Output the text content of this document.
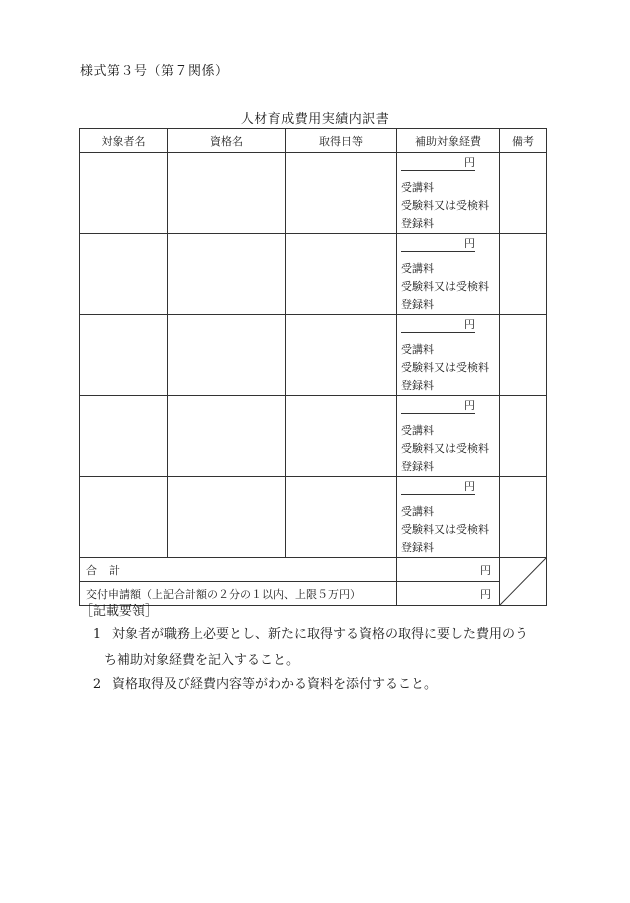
様式第３号（第７関係）
人材育成費用実績内訳書
対象者名	資格名	取得日等	補助対象経費	備考

			円
受講料
受験料又は受検料
登録料	

			円
受講料
受験料又は受検料
登録料	

			円
受講料
受験料又は受検料
登録料	

			円
受講料
受験料又は受検料
登録料	

			円
受講料
受験料又は受検料
登録料	

合計			円	

交付申請額（上記合計額の２分の１以内、上限５万円）			円	
［記載要領］
1 対象者が職務上必要とし、新たに取得する資格の取得に要した費用のう
ち補助対象経費を記入すること。
2 資格取得及び経費内容等がわかる資料を添付すること。
